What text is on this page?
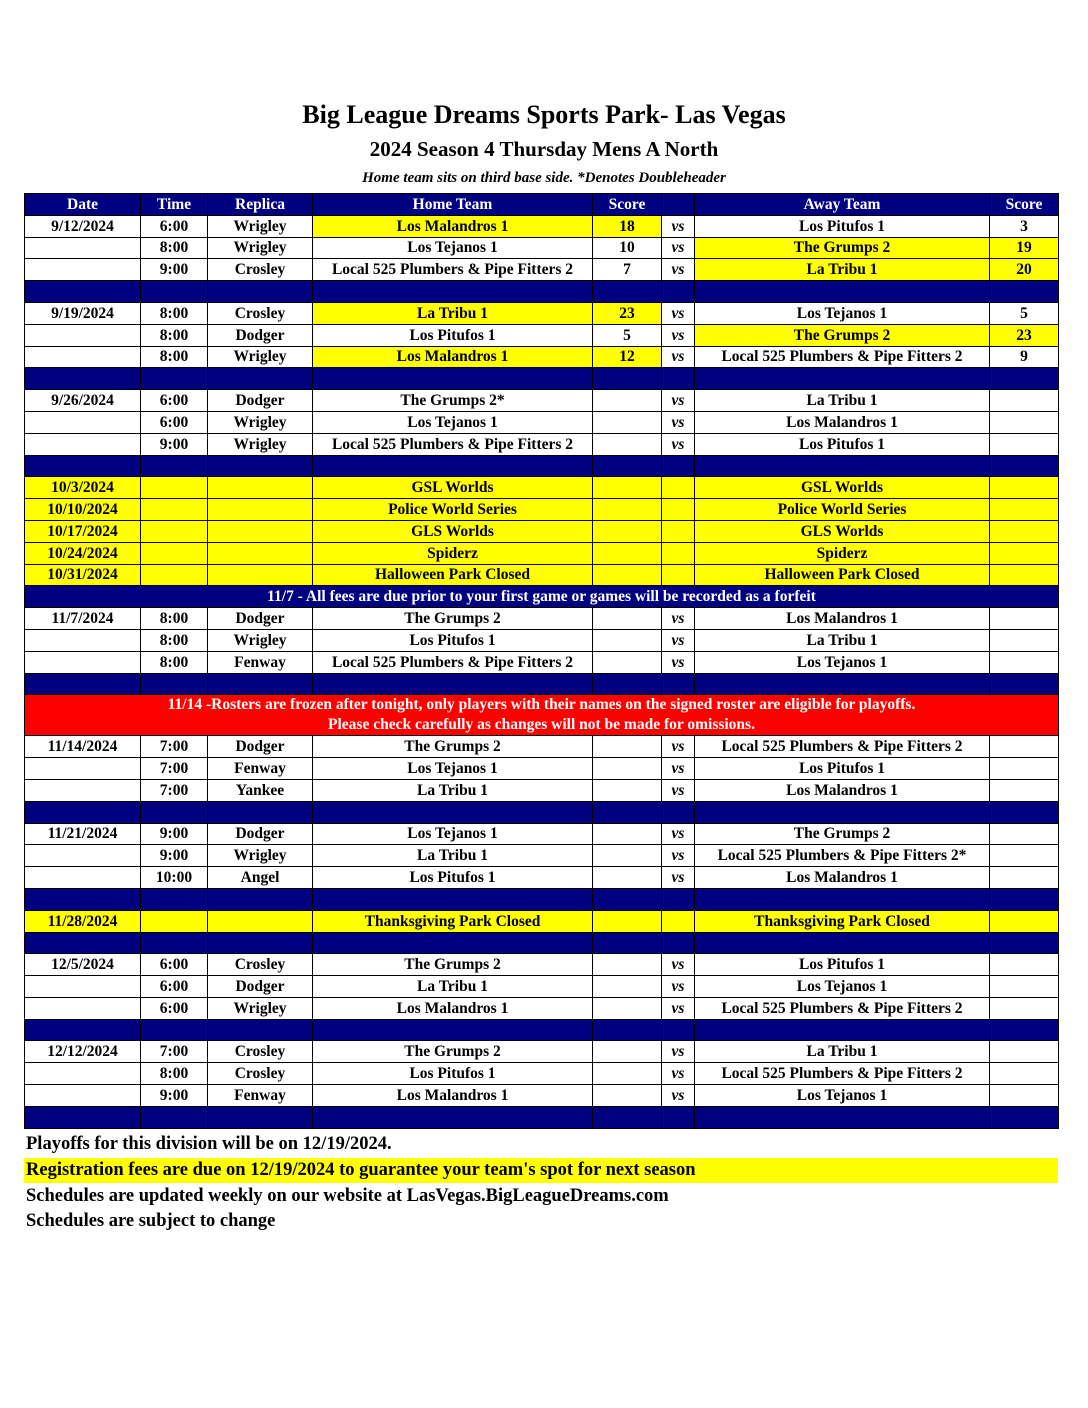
Big League Dreams Sports Park- Las Vegas
2024 Season 4 Thursday Mens A North
Home team sits on third base side. *Denotes Doubleheader
Date	Time	Replica	Home Team	Score		Away Team	Score
9/12/2024	6:00	Wrigley	Los Malandros 1	18	vs	Los Pitufos 1	3
	8:00	Wrigley	Los Tejanos 1	10	vs	The Grumps 2	19
	9:00	Crosley	Local 525 Plumbers & Pipe Fitters 2	7	vs	La Tribu 1	20

9/19/2024	8:00	Crosley	La Tribu 1	23	vs	Los Tejanos 1	5
	8:00	Dodger	Los Pitufos 1	5	vs	The Grumps 2	23
	8:00	Wrigley	Los Malandros 1	12	vs	Local 525 Plumbers & Pipe Fitters 2	9

9/26/2024	6:00	Dodger	The Grumps 2*		vs	La Tribu 1	
	6:00	Wrigley	Los Tejanos 1		vs	Los Malandros 1	
	9:00	Wrigley	Local 525 Plumbers & Pipe Fitters 2		vs	Los Pitufos 1	

10/3/2024			GSL Worlds			GSL Worlds	
10/10/2024			Police World Series			Police World Series	
10/17/2024			GLS Worlds			GLS Worlds	
10/24/2024			Spiderz			Spiderz	
10/31/2024			Halloween Park Closed			Halloween Park Closed	
11/7 - All fees are due prior to your first game or games will be recorded as a forfeit							
11/7/2024	8:00	Dodger	The Grumps 2		vs	Los Malandros 1	
	8:00	Wrigley	Los Pitufos 1		vs	La Tribu 1	
	8:00	Fenway	Local 525 Plumbers & Pipe Fitters 2		vs	Los Tejanos 1	

11/14 -Rosters are frozen after tonight, only players with their names on the signed roster are eligible for playoffs.
Please check carefully as changes will not be made for omissions.							

11/14/2024	7:00	Dodger	The Grumps 2		vs	Local 525 Plumbers & Pipe Fitters 2	
	7:00	Fenway	Los Tejanos 1		vs	Los Pitufos 1	
	7:00	Yankee	La Tribu 1		vs	Los Malandros 1	

11/21/2024	9:00	Dodger	Los Tejanos 1		vs	The Grumps 2	
	9:00	Wrigley	La Tribu 1		vs	Local 525 Plumbers & Pipe Fitters 2*	
	10:00	Angel	Los Pitufos 1		vs	Los Malandros 1	

11/28/2024			Thanksgiving Park Closed			Thanksgiving Park Closed	

12/5/2024	6:00	Crosley	The Grumps 2		vs	Los Pitufos 1	
	6:00	Dodger	La Tribu 1		vs	Los Tejanos 1	
	6:00	Wrigley	Los Malandros 1		vs	Local 525 Plumbers & Pipe Fitters 2	

12/12/2024	7:00	Crosley	The Grumps 2		vs	La Tribu 1	
	8:00	Crosley	Los Pitufos 1		vs	Local 525 Plumbers & Pipe Fitters 2	
	9:00	Fenway	Los Malandros 1		vs	Los Tejanos 1	

Playoffs for this division will be on 12/19/2024.
Registration fees are due on 12/19/2024 to guarantee your team's spot for next season
Schedules are updated weekly on our website at LasVegas.BigLeagueDreams.com
Schedules are subject to change
